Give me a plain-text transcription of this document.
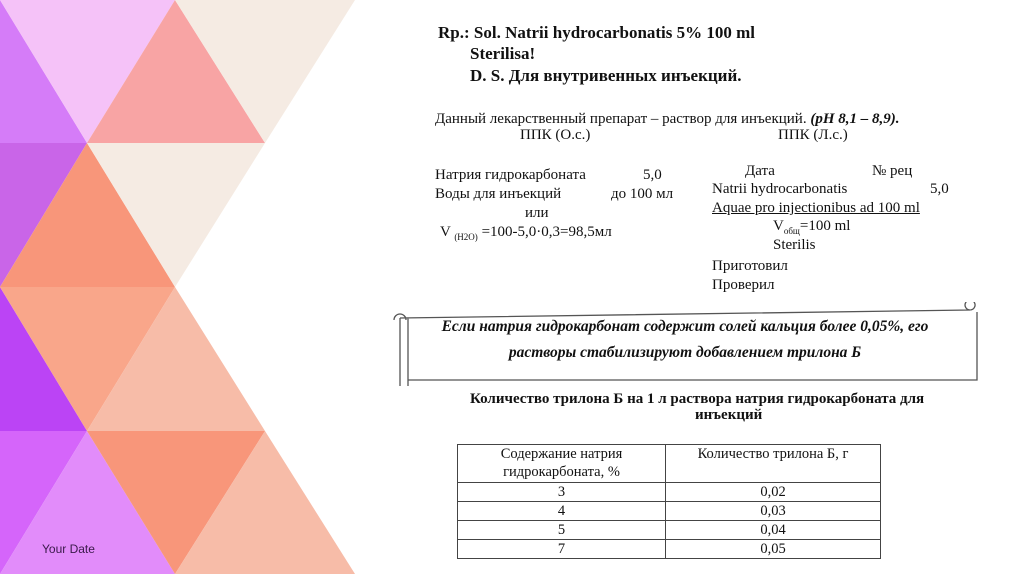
Your Date
Rp.: Sol. Natrii hydrocarbonatis 5% 100 ml
Sterilisa!
D. S. Для внутривенных инъекций.
Данный лекарственный препарат – раствор для инъекций. (pH 8,1 – 8,9).
ППК (О.с.)	ППК (Л.с.)
Натрия гидрокарбоната	5,0
Воды для инъекций	до 100 мл
или
V $_{(H2O)}$ =100-5,0·0,3=98,5мл
Дата	№ рец
Natrii hydrocarbonatis	5,0
Aquae pro injectionibus ad 100 ml
$V_{общ}=100$ ml
Sterilis
Приготовил
Проверил
Если натрия гидрокарбонат содержит солей кальция более 0,05%, его
растворы стабилизируют добавлением трилона Б
Количество трилона Б на 1 л раствора натрия гидрокарбоната для
инъекций
Содержание натрия гидрокарбоната, %	Количество трилона Б, г
3	0,02
4	0,03
5	0,04
7	0,05
